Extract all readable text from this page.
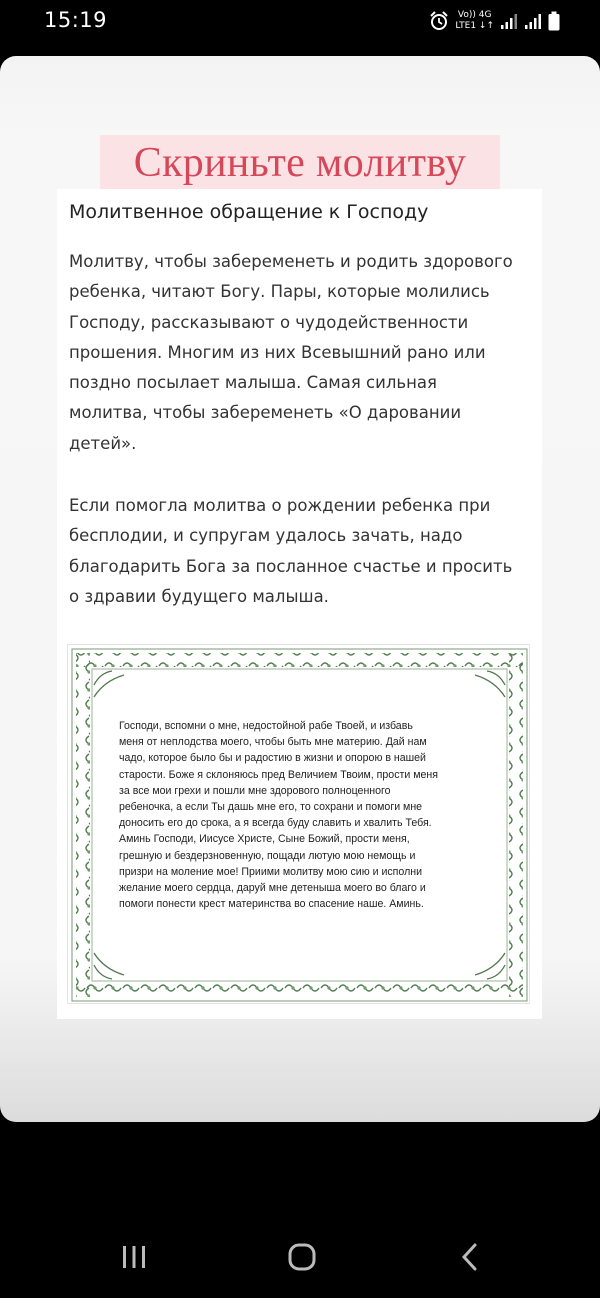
15:19	Vo)) 4G
LTE1 ↓↑
Скриньте молитву
Молитвенное обращение к Господу
Молитву, чтобы забеременеть и родить здорового
ребенка, читают Богу. Пары, которые молились
Господу, рассказывают о чудодейственности
прошения. Многим из них Всевышний рано или
поздно посылает малыша. Самая сильная
молитва, чтобы забеременеть «О даровании
детей».
Если помогла молитва о рождении ребенка при
бесплодии, и супругам удалось зачать, надо
благодарить Бога за посланное счастье и просить
о здравии будущего малыша.
Господи, вспомни о мне, недостойной рабе Твоей, и избавь
меня от неплодства моего, чтобы быть мне материю. Дай нам
чадо, которое было бы и радостию в жизни и опорою в нашей
старости. Боже я склоняюсь пред Величием Твоим, прости меня
за все мои грехи и пошли мне здорового полноценного
ребеночка, а если Ты дашь мне его, то сохрани и помоги мне
доносить его до срока, а я всегда буду славить и хвалить Тебя.
Аминь Господи, Иисусе Христе, Сыне Божий, прости меня,
грешную и бездерзновенную, пощади лютую мою немощь и
призри на моление мое! Приими молитву мою сию и исполни
желание моего сердца, даруй мне детеныша моего во благо и
помоги понести крест материнства во спасение наше. Аминь.
